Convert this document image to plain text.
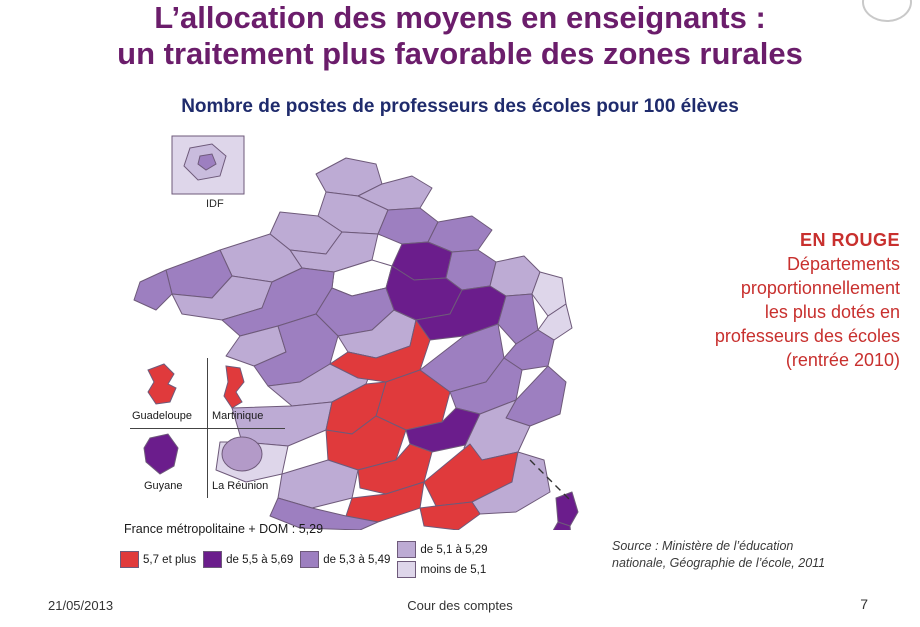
L’allocation des moyens en enseignants :
un traitement plus favorable des zones rurales
Nombre de postes de professeurs des écoles pour 100 élèves
EN ROUGE
Départements
proportionnellement
les plus dotés en
professeurs des écoles
(rentrée 2010)
Source : Ministère de l’éducation
nationale, Géographie de l’école, 2011
IDF
Guadeloupe Martinique
Guyane	La Réunion
France métropolitaine + DOM : 5,29
5,7 et plus	de 5,5 à 5,69	de 5,3 à 5,49
de 5,1 à 5,29
moins de 5,1
21/05/2013	Cour des comptes	7
